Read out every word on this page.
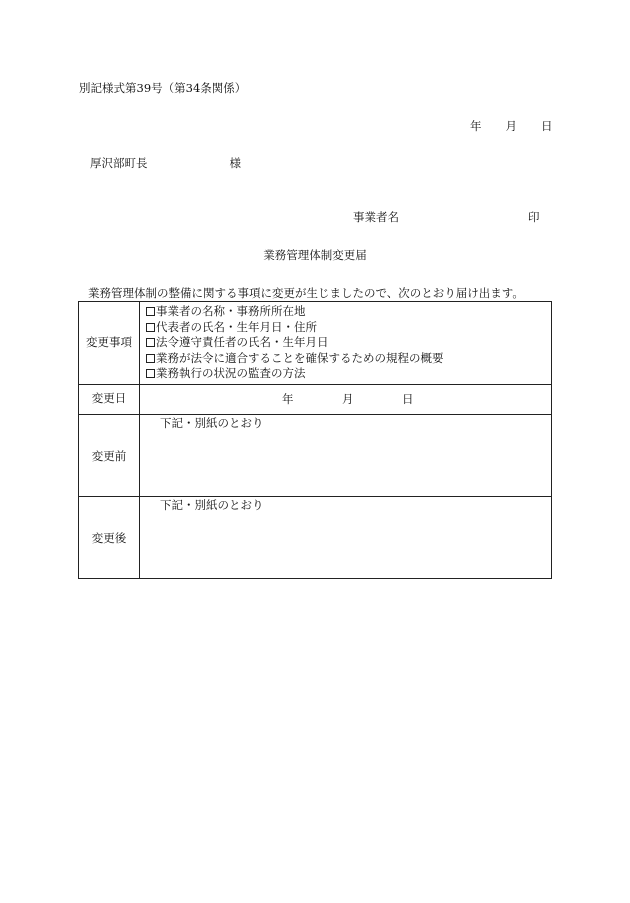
別記様式第39号（第34条関係）
年 月 日
厚沢部町長	様
事業者名	印
業務管理体制変更届
業務管理体制の整備に関する事項に変更が生じましたので、次のとおり届け出ます。
変更事項	事業者の名称・事務所所在地
代表者の氏名・生年月日・住所
法令遵守責任者の氏名・生年月日
業務が法令に適合することを確保するための規程の概要
業務執行の状況の監査の方法

変更日	年 月 日

変更前	下記・別紙のとおり

変更後	下記・別紙のとおり
